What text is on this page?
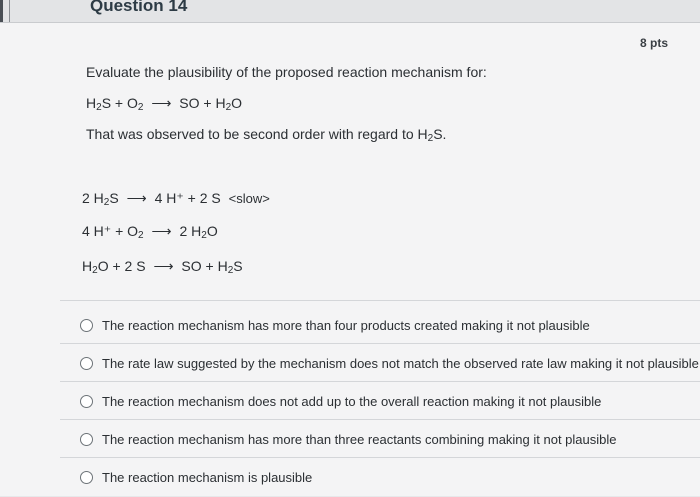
Question 14
8 pts
Evaluate the plausibility of the proposed reaction mechanism for:
$H_2S + O_2$ ⟶ SO + $H_2O$
That was observed to be second order with regard to $H_2S$.
2 $H_2S$ ⟶ 4 H⁺ + 2 S <slow>
4 $H^+ + O_2$ ⟶ 2 $H_2O$
$H_2O + 2$ S ⟶ SO + $H_2S$
The reaction mechanism has more than four products created making it not plausible
The rate law suggested by the mechanism does not match the observed rate law making it not plausible
The reaction mechanism does not add up to the overall reaction making it not plausible
The reaction mechanism has more than three reactants combining making it not plausible
The reaction mechanism is plausible
